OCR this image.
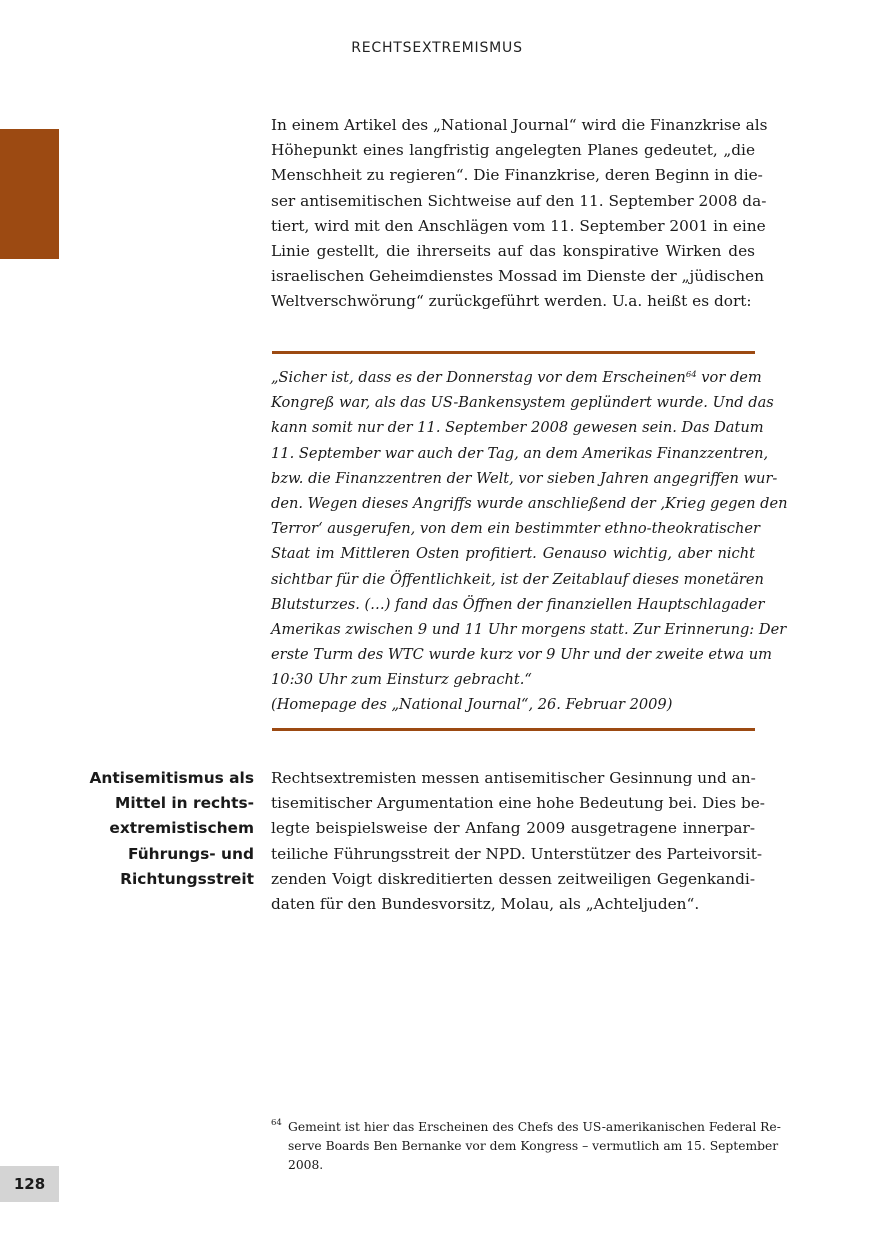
RECHTSEXTREMISMUS
In einem Artikel des „National Journal“ wird die Finanzkrise als
Höhepunkt eines langfristig angelegten Planes gedeutet, „die
Menschheit zu regieren“. Die Finanzkrise, deren Beginn in die-
ser antisemitischen Sichtweise auf den 11. September 2008 da-
tiert, wird mit den Anschlägen vom 11. September 2001 in eine
Linie gestellt, die ihrerseits auf das konspirative Wirken des
israelischen Geheimdienstes Mossad im Dienste der „jüdischen
Weltverschwörung“ zurückgeführt werden. U.a. heißt es dort:
„Sicher ist, dass es der Donnerstag vor dem Erscheinen$^{64}$ vor dem
Kongreß war, als das US-Bankensystem geplündert wurde. Und das
kann somit nur der 11. September 2008 gewesen sein. Das Datum
11. September war auch der Tag, an dem Amerikas Finanzzentren,
bzw. die Finanzzentren der Welt, vor sieben Jahren angegriffen wur-
den. Wegen dieses Angriffs wurde anschließend der ‚Krieg gegen den
Terror‘ ausgerufen, von dem ein bestimmter ethno-theokratischer
Staat im Mittleren Osten profitiert. Genauso wichtig, aber nicht
sichtbar für die Öffentlichkeit, ist der Zeitablauf dieses monetären
Blutsturzes. (…) fand das Öffnen der finanziellen Hauptschlagader
Amerikas zwischen 9 und 11 Uhr morgens statt. Zur Erinnerung: Der
erste Turm des WTC wurde kurz vor 9 Uhr und der zweite etwa um
10:30 Uhr zum Einsturz gebracht.“
(Homepage des „National Journal“, 26. Februar 2009)
Antisemitismus als
Mittel in rechts-
extremistischem
Führungs- und
Richtungsstreit
Rechtsextremisten messen antisemitischer Gesinnung und an-
tisemitischer Argumentation eine hohe Bedeutung bei. Dies be-
legte beispielsweise der Anfang 2009 ausgetragene innerpar-
teiliche Führungsstreit der NPD. Unterstützer des Parteivorsit-
zenden Voigt diskreditierten dessen zeitweiligen Gegenkandi-
daten für den Bundesvorsitz, Molau, als „Achteljuden“.
64 Gemeint ist hier das Erscheinen des Chefs des US-amerikanischen Federal Re-
serve Boards Ben Bernanke vor dem Kongress – vermutlich am 15. September
2008.
128
